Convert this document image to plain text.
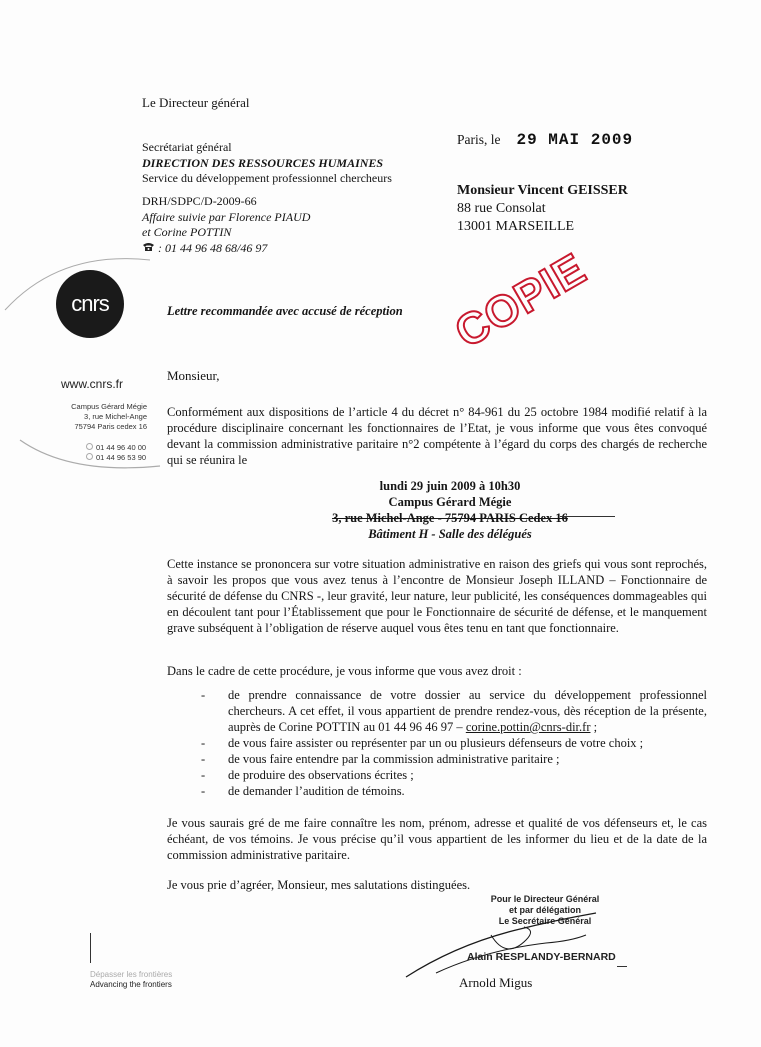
Le Directeur général
Secrétariat général
DIRECTION DES RESSOURCES HUMAINES
Service du développement professionnel chercheurs
DRH/SDPC/D-2009-66
Affaire suivie par Florence PIAUD
et Corine POTTIN
: 01 44 96 48 68/46 97
Paris, le 29 MAI 2009
Monsieur Vincent GEISSER
88 rue Consolat
13001 MARSEILLE
cnrs
www.cnrs.fr
Campus Gérard Mégie
3, rue Michel-Ange
75794 Paris cedex 16
01 44 96 40 00
01 44 96 53 90
Lettre recommandée avec accusé de réception COPIE
Monsieur,
Conformément aux dispositions de l’article 4 du décret n° 84-961 du 25 octobre 1984 modifié relatif à la procédure disciplinaire concernant les fonctionnaires de l’Etat, je vous informe que vous êtes convoqué devant la commission administrative paritaire n°2 compétente à l’égard du corps des chargés de recherche qui se réunira le
lundi 29 juin 2009 à 10h30
Campus Gérard Mégie
3, rue Michel-Ange - 75794 PARIS Cedex 16
Bâtiment H - Salle des délégués
Cette instance se prononcera sur votre situation administrative en raison des griefs qui vous sont reprochés, à savoir les propos que vous avez tenus à l’encontre de Monsieur Joseph ILLAND – Fonctionnaire de sécurité de défense du CNRS -, leur gravité, leur nature, leur publicité, les conséquences dommageables qui en découlent tant pour l’Établissement que pour le Fonctionnaire de sécurité de défense, et le manquement grave subséquent à l’obligation de réserve auquel vous êtes tenu en tant que fonctionnaire.
Dans le cadre de cette procédure, je vous informe que vous avez droit :
- de prendre connaissance de votre dossier au service du développement professionnel chercheurs. A cet effet, il vous appartient de prendre rendez-vous, dès réception de la présente, auprès de Corine POTTIN au 01 44 96 46 97 – corine.pottin@cnrs-dir.fr ;
- de vous faire assister ou représenter par un ou plusieurs défenseurs de votre choix ;
- de vous faire entendre par la commission administrative paritaire ;
- de produire des observations écrites ;
- de demander l’audition de témoins.
Je vous saurais gré de me faire connaître les nom, prénom, adresse et qualité de vos défenseurs et, le cas échéant, de vos témoins. Je vous précise qu’il vous appartient de les informer du lieu et de la date de la commission administrative paritaire.
Je vous prie d’agréer, Monsieur, mes salutations distinguées.
Pour le Directeur Général
et par délégation
Le Secrétaire Général
Alain RESPLANDY-BERNARD
Arnold Migus
Dépasser les frontières
Advancing the frontiers
